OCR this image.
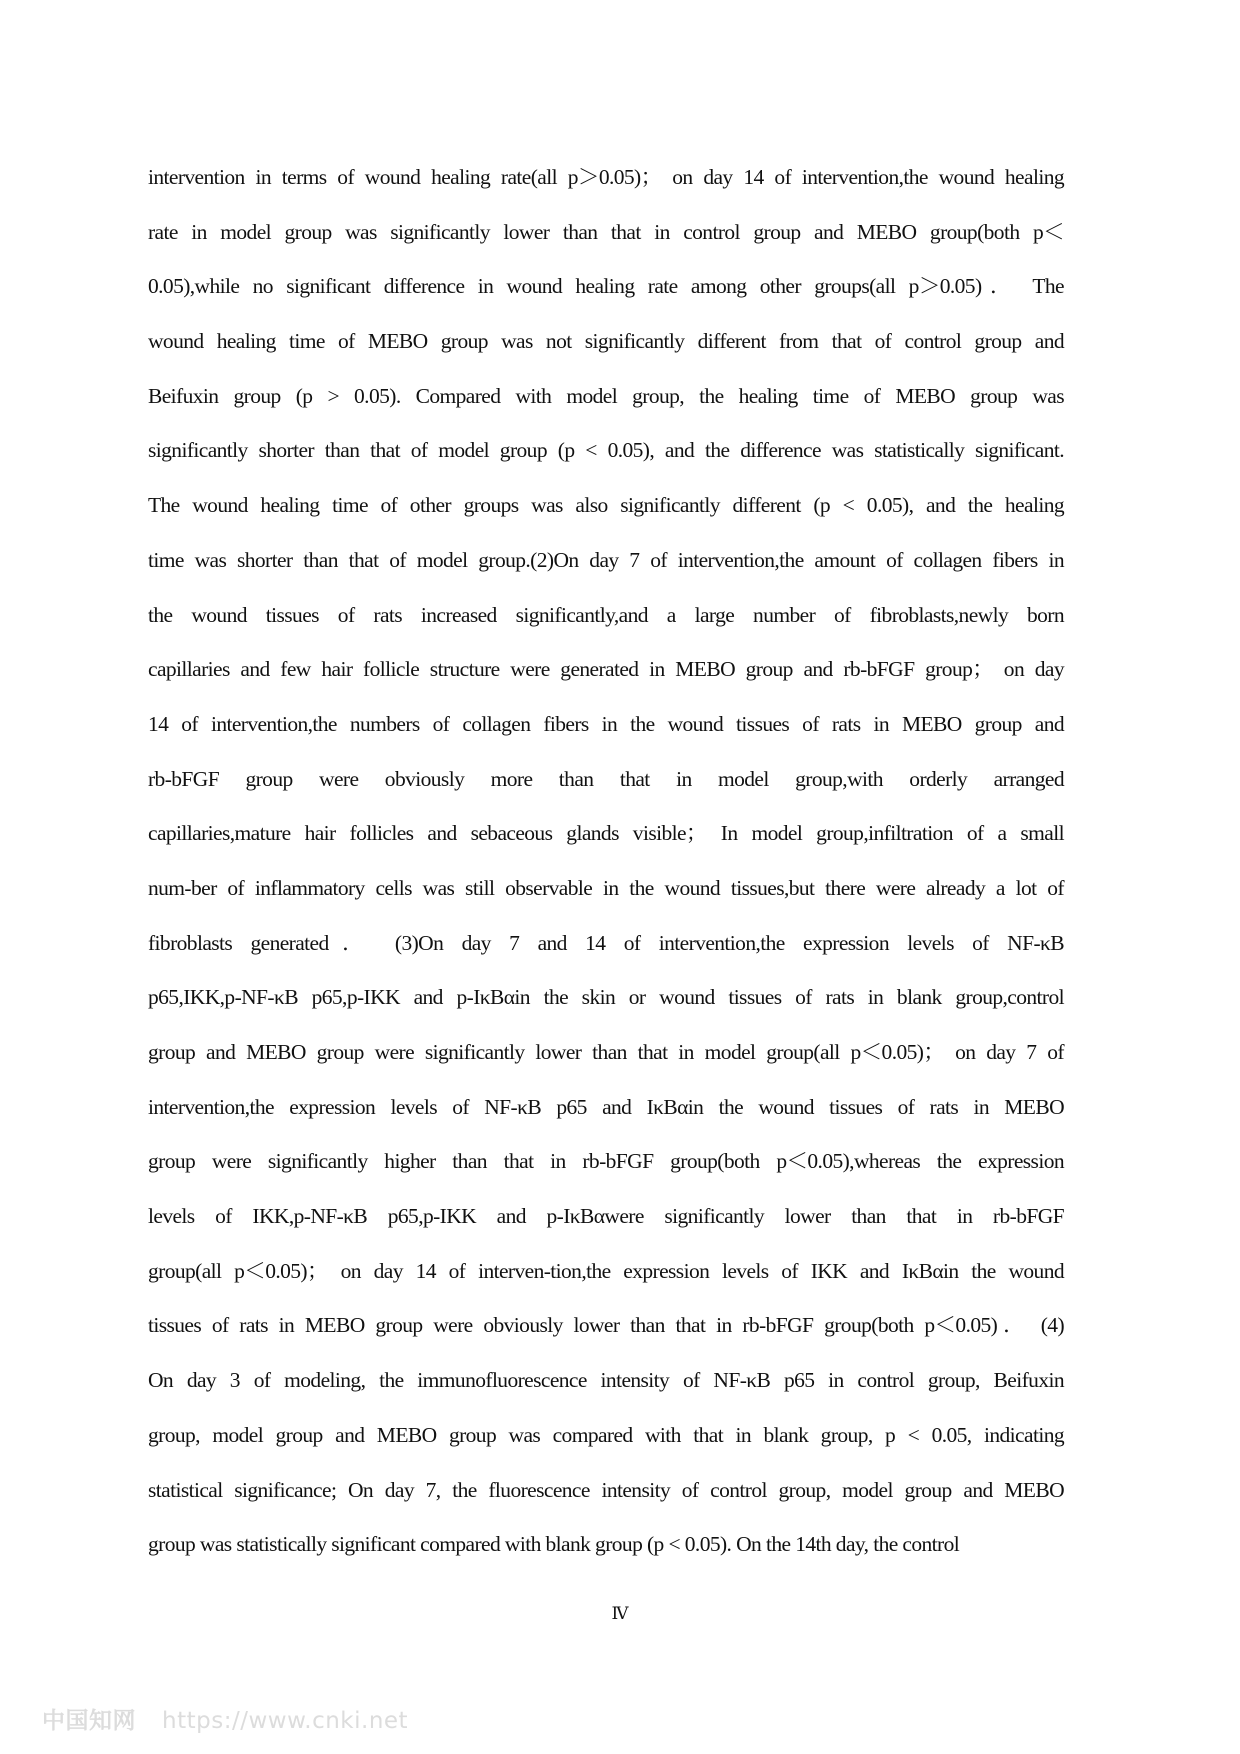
intervention in terms of wound healing rate(all p＞0.05)； on day 14 of intervention,the wound healing
rate in model group was significantly lower than that in control group and MEBO group(both p＜
0.05),while no significant difference in wound healing rate among other groups(all p＞0.05)． The
wound healing time of MEBO group was not significantly different from that of control group and
Beifuxin group (p > 0.05). Compared with model group, the healing time of MEBO group was
significantly shorter than that of model group (p < 0.05), and the difference was statistically significant.
The wound healing time of other groups was also significantly different (p < 0.05), and the healing
time was shorter than that of model group.(2)On day 7 of intervention,the amount of collagen fibers in
the wound tissues of rats increased significantly,and a large number of fibroblasts,newly born
capillaries and few hair follicle structure were generated in MEBO group and rb-bFGF group； on day
14 of intervention,the numbers of collagen fibers in the wound tissues of rats in MEBO group and
rb-bFGF group were obviously more than that in model group,with orderly arranged
capillaries,mature hair follicles and sebaceous glands visible； In model group,infiltration of a small
num-ber of inflammatory cells was still observable in the wound tissues,but there were already a lot of
fibroblasts generated． (3)On day 7 and 14 of intervention,the expression levels of NF-κB
p65,IKK,p-NF-κB p65,p-IKK and p-IκBαin the skin or wound tissues of rats in blank group,control
group and MEBO group were significantly lower than that in model group(all p＜0.05)； on day 7 of
intervention,the expression levels of NF-κB p65 and IκBαin the wound tissues of rats in MEBO
group were significantly higher than that in rb-bFGF group(both p＜0.05),whereas the expression
levels of IKK,p-NF-κB p65,p-IKK and p-IκBαwere significantly lower than that in rb-bFGF
group(all p＜0.05)； on day 14 of interven-tion,the expression levels of IKK and IκBαin the wound
tissues of rats in MEBO group were obviously lower than that in rb-bFGF group(both p＜0.05)． (4)
On day 3 of modeling, the immunofluorescence intensity of NF-κB p65 in control group, Beifuxin
group, model group and MEBO group was compared with that in blank group, p < 0.05, indicating
statistical significance; On day 7, the fluorescence intensity of control group, model group and MEBO
group was statistically significant compared with blank group (p < 0.05). On the 14th day, the control
Ⅳ
中国知网 https://www.cnki.net
